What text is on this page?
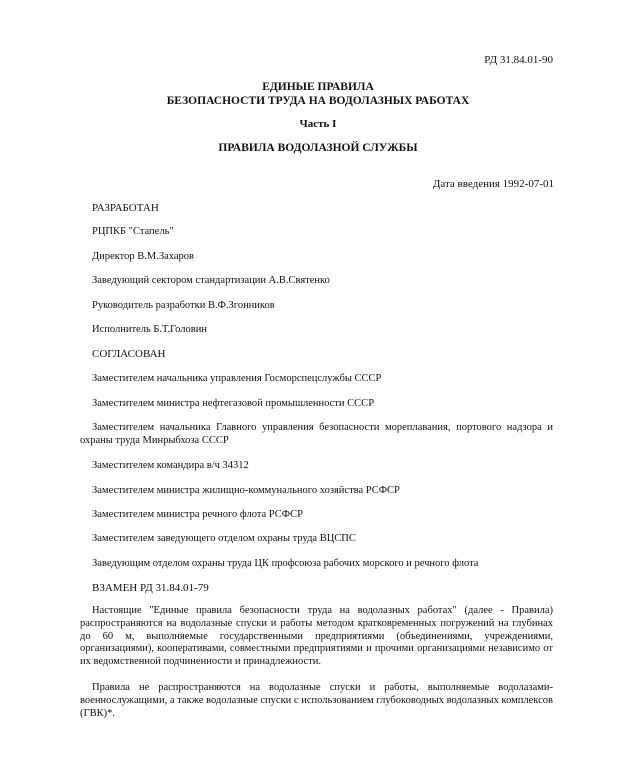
РД 31.84.01-90
ЕДИНЫЕ ПРАВИЛА
БЕЗОПАСНОСТИ ТРУДА НА ВОДОЛАЗНЫХ РАБОТАХ
Часть I
ПРАВИЛА ВОДОЛАЗНОЙ СЛУЖБЫ
Дата введения 1992-07-01
РАЗРАБОТАН
РЦПКБ "Стапель"
Директор В.М.Захаров
Заведующий сектором стандартизации А.В.Святенко
Руководитель разработки В.Ф.Згонников
Исполнитель Б.Т.Головин
СОГЛАСОВАН
Заместителем начальника управления Госморспецслужбы СССР
Заместителем министра нефтегазовой промышленности СССР
Заместителем начальника Главного управления безопасности мореплавания, портового надзора и охраны труда Минрыбхоза СССР
Заместителем командира в/ч 34312
Заместителем министра жилищно-коммунального хозяйства РСФСР
Заместителем министра речного флота РСФСР
Заместителем заведующего отделом охраны труда ВЦСПС
Заведующим отделом охраны труда ЦК профсоюза рабочих морского и речного флота
ВЗАМЕН РД 31.84.01-79
Настоящие "Единые правила безопасности труда на водолазных работах" (далее - Правила) распространяются на водолазные спуски и работы методом кратковременных погружений на глубинах до 60 м, выполняемые государственными предприятиями (объединениями, учреждениями, организациями), кооперативами, совместными предприятиями и прочими организациями независимо от их ведомственной подчиненности и принадлежности.
Правила не распространяются на водолазные спуски и работы, выполняемые водолазами-военнослужащими, а также водолазные спуски с использованием глубоководных водолазных комплексов (ГВК)*.
